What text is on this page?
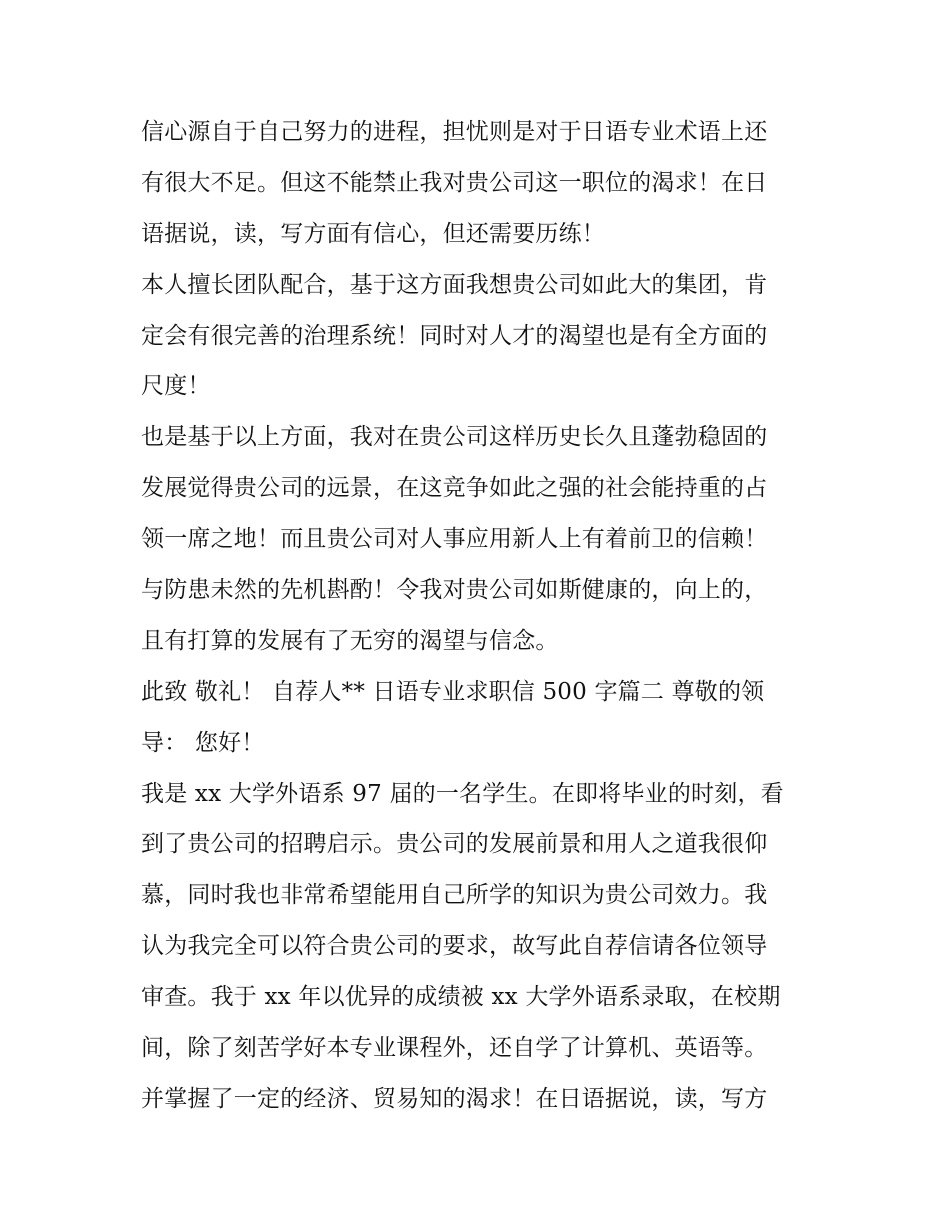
信心源自于自己努力的进程，担忧则是对于日语专业术语上还
有很大不足。但这不能禁止我对贵公司这一职位的渴求！在日
语据说，读，写方面有信心，但还需要历练！
本人擅长团队配合，基于这方面我想贵公司如此大的集团，肯
定会有很完善的治理系统！同时对人才的渴望也是有全方面的
尺度！
也是基于以上方面，我对在贵公司这样历史长久且蓬勃稳固的
发展觉得贵公司的远景，在这竞争如此之强的社会能持重的占
领一席之地！而且贵公司对人事应用新人上有着前卫的信赖！
与防患未然的先机斟酌！令我对贵公司如斯健康的，向上的，
且有打算的发展有了无穷的渴望与信念。
此致 敬礼！ 自荐人** 日语专业求职信 500 字篇二 尊敬的领
导： 您好！
我是 xx 大学外语系 97 届的一名学生。在即将毕业的时刻，看
到了贵公司的招聘启示。贵公司的发展前景和用人之道我很仰
慕，同时我也非常希望能用自己所学的知识为贵公司效力。我
认为我完全可以符合贵公司的要求，故写此自荐信请各位领导
审查。我于 xx 年以优异的成绩被 xx 大学外语系录取，在校期
间，除了刻苦学好本专业课程外，还自学了计算机、英语等。
并掌握了一定的经济、贸易知的渴求！在日语据说，读，写方
